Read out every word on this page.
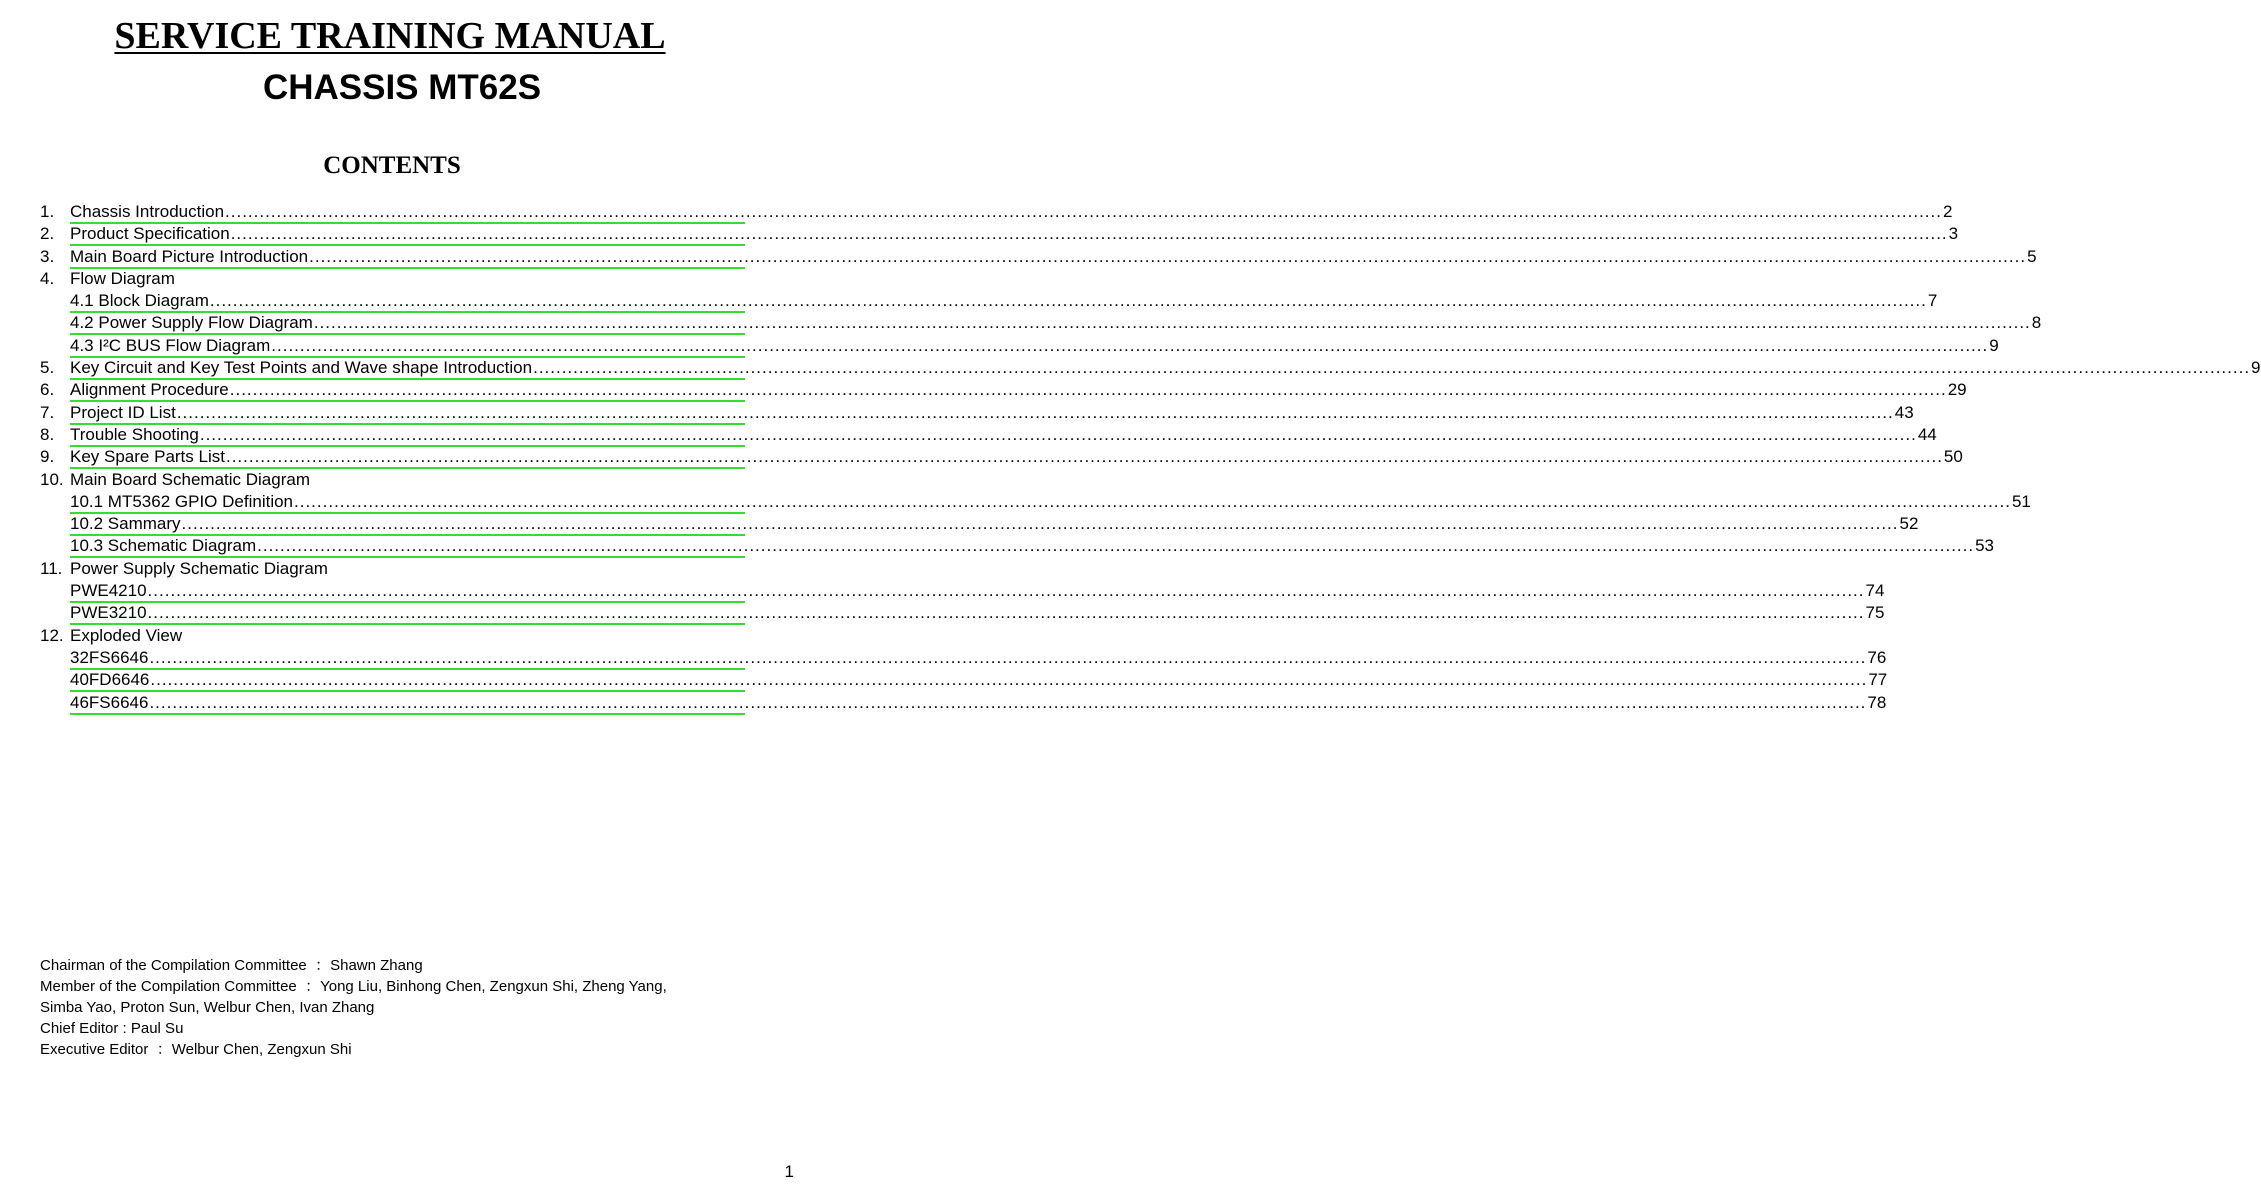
SERVICE TRAINING MANUAL
CHASSIS MT62S
CONTENTS
1. Chassis Introduction ............................................................................................................................................................................................................................................................................................................ 2
2. Product Specification ............................................................................................................................................................................................................................................................................................................ 3
3. Main Board Picture Introduction ............................................................................................................................................................................................................................................................................................................ 5
4. Flow Diagram
4.1 Block Diagram ............................................................................................................................................................................................................................................................................................................ 7
4.2 Power Supply Flow Diagram ............................................................................................................................................................................................................................................................................................................ 8
4.3 I²C BUS Flow Diagram ............................................................................................................................................................................................................................................................................................................ 9
5. Key Circuit and Key Test Points and Wave shape Introduction ............................................................................................................................................................................................................................................................................................................ 9
6. Alignment Procedure ............................................................................................................................................................................................................................................................................................................ 29
7. Project ID List ............................................................................................................................................................................................................................................................................................................ 43
8. Trouble Shooting ............................................................................................................................................................................................................................................................................................................ 44
9. Key Spare Parts List ............................................................................................................................................................................................................................................................................................................ 50
10. Main Board Schematic Diagram
10.1 MT5362 GPIO Definition ............................................................................................................................................................................................................................................................................................................ 51
10.2 Sammary ............................................................................................................................................................................................................................................................................................................ 52
10.3 Schematic Diagram ............................................................................................................................................................................................................................................................................................................ 53
11. Power Supply Schematic Diagram
PWE4210 ............................................................................................................................................................................................................................................................................................................ 74
PWE3210 ............................................................................................................................................................................................................................................................................................................ 75
12. Exploded View
32FS6646 ............................................................................................................................................................................................................................................................................................................ 76
40FD6646 ............................................................................................................................................................................................................................................................................................................ 77
46FS6646 ............................................................................................................................................................................................................................................................................................................ 78
Chairman of the Compilation Committee  ：Shawn Zhang
Member of the Compilation Committee  ：Yong Liu, Binhong Chen, Zengxun Shi, Zheng Yang,
Simba Yao, Proton Sun, Welbur Chen, Ivan Zhang
Chief Editor : Paul Su
Executive Editor  ：Welbur Chen, Zengxun Shi
1
